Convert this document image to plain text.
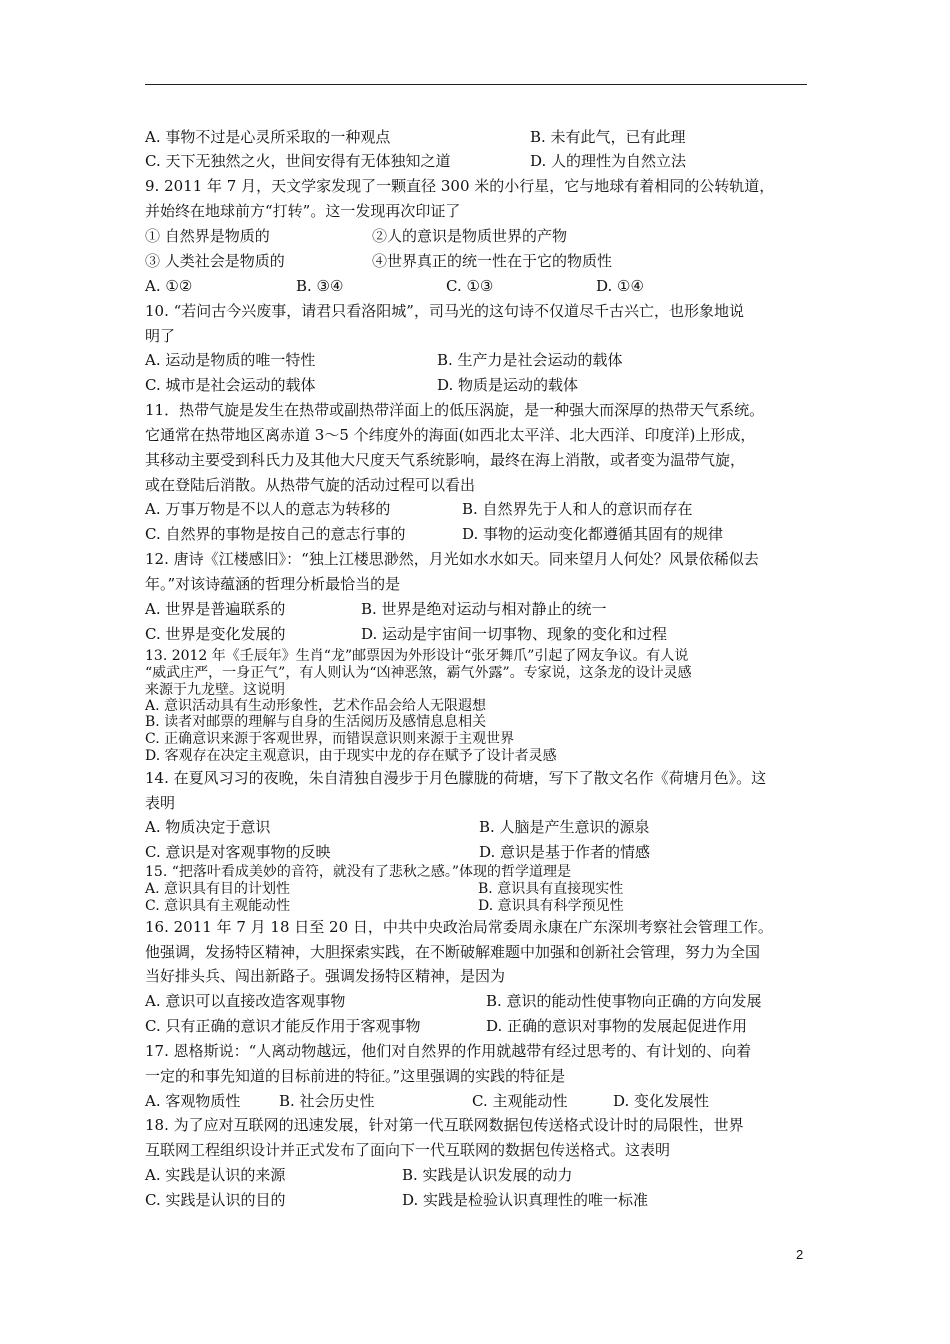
A. 事物不过是心灵所采取的一种观点	B. 未有此气，已有此理
C. 天下无独然之火，世间安得有无体独知之道	D. 人的理性为自然立法
9. 2011 年 7 月，天文学家发现了一颗直径 300 米的小行星，它与地球有着相同的公转轨道，
并始终在地球前方“打转”。这一发现再次印证了
① 自然界是物质的	②人的意识是物质世界的产物
③ 人类社会是物质的	④世界真正的统一性在于它的物质性
A. ①②	B. ③④	C. ①③	D. ①④
10. “若问古今兴废事，请君只看洛阳城”，司马光的这句诗不仅道尽千古兴亡，也形象地说
明了
A. 运动是物质的唯一特性	B. 生产力是社会运动的载体
C. 城市是社会运动的载体	D. 物质是运动的载体
11．热带气旋是发生在热带或副热带洋面上的低压涡旋，是一种强大而深厚的热带天气系统。
它通常在热带地区离赤道 3～5 个纬度外的海面(如西北太平洋、北大西洋、印度洋)上形成，
其移动主要受到科氏力及其他大尺度天气系统影响，最终在海上消散，或者变为温带气旋，
或在登陆后消散。从热带气旋的活动过程可以看出
A. 万事万物是不以人的意志为转移的	B. 自然界先于人和人的意识而存在
C. 自然界的事物是按自己的意志行事的	D. 事物的运动变化都遵循其固有的规律
12. 唐诗《江楼感旧》：“独上江楼思渺然，月光如水水如天。同来望月人何处？风景依稀似去
年。”对该诗蕴涵的哲理分析最恰当的是
A. 世界是普遍联系的	B. 世界是绝对运动与相对静止的统一
C. 世界是变化发展的	D. 运动是宇宙间一切事物、现象的变化和过程
13. 2012 年《壬辰年》生肖“龙”邮票因为外形设计“张牙舞爪”引起了网友争议。有人说
“威武庄严，一身正气”，有人则认为“凶神恶煞，霸气外露”。专家说，这条龙的设计灵感
来源于九龙壁。这说明
A. 意识活动具有生动形象性，艺术作品会给人无限遐想
B. 读者对邮票的理解与自身的生活阅历及感情息息相关
C. 正确意识来源于客观世界，而错误意识则来源于主观世界
D. 客观存在决定主观意识，由于现实中龙的存在赋予了设计者灵感
14. 在夏风习习的夜晚，朱自清独自漫步于月色朦胧的荷塘，写下了散文名作《荷塘月色》。这
表明
A. 物质决定于意识	B. 人脑是产生意识的源泉
C. 意识是对客观事物的反映	D. 意识是基于作者的情感
15. “把落叶看成美妙的音符，就没有了悲秋之感。”体现的哲学道理是
A. 意识具有目的计划性	B. 意识具有直接现实性
C. 意识具有主观能动性	D. 意识具有科学预见性
16. 2011 年 7 月 18 日至 20 日，中共中央政治局常委周永康在广东深圳考察社会管理工作。
他强调，发扬特区精神，大胆探索实践，在不断破解难题中加强和创新社会管理，努力为全国
当好排头兵、闯出新路子。强调发扬特区精神，是因为
A. 意识可以直接改造客观事物	B. 意识的能动性使事物向正确的方向发展
C. 只有正确的意识才能反作用于客观事物	D. 正确的意识对事物的发展起促进作用
17. 恩格斯说：“人离动物越远，他们对自然界的作用就越带有经过思考的、有计划的、向着
一定的和事先知道的目标前进的特征。”这里强调的实践的特征是
A. 客观物质性	B. 社会历史性	C. 主观能动性	D. 变化发展性
18. 为了应对互联网的迅速发展，针对第一代互联网数据包传送格式设计时的局限性，世界
互联网工程组织设计并正式发布了面向下一代互联网的数据包传送格式。这表明
A. 实践是认识的来源	B. 实践是认识发展的动力
C. 实践是认识的目的	D. 实践是检验认识真理性的唯一标准
2
